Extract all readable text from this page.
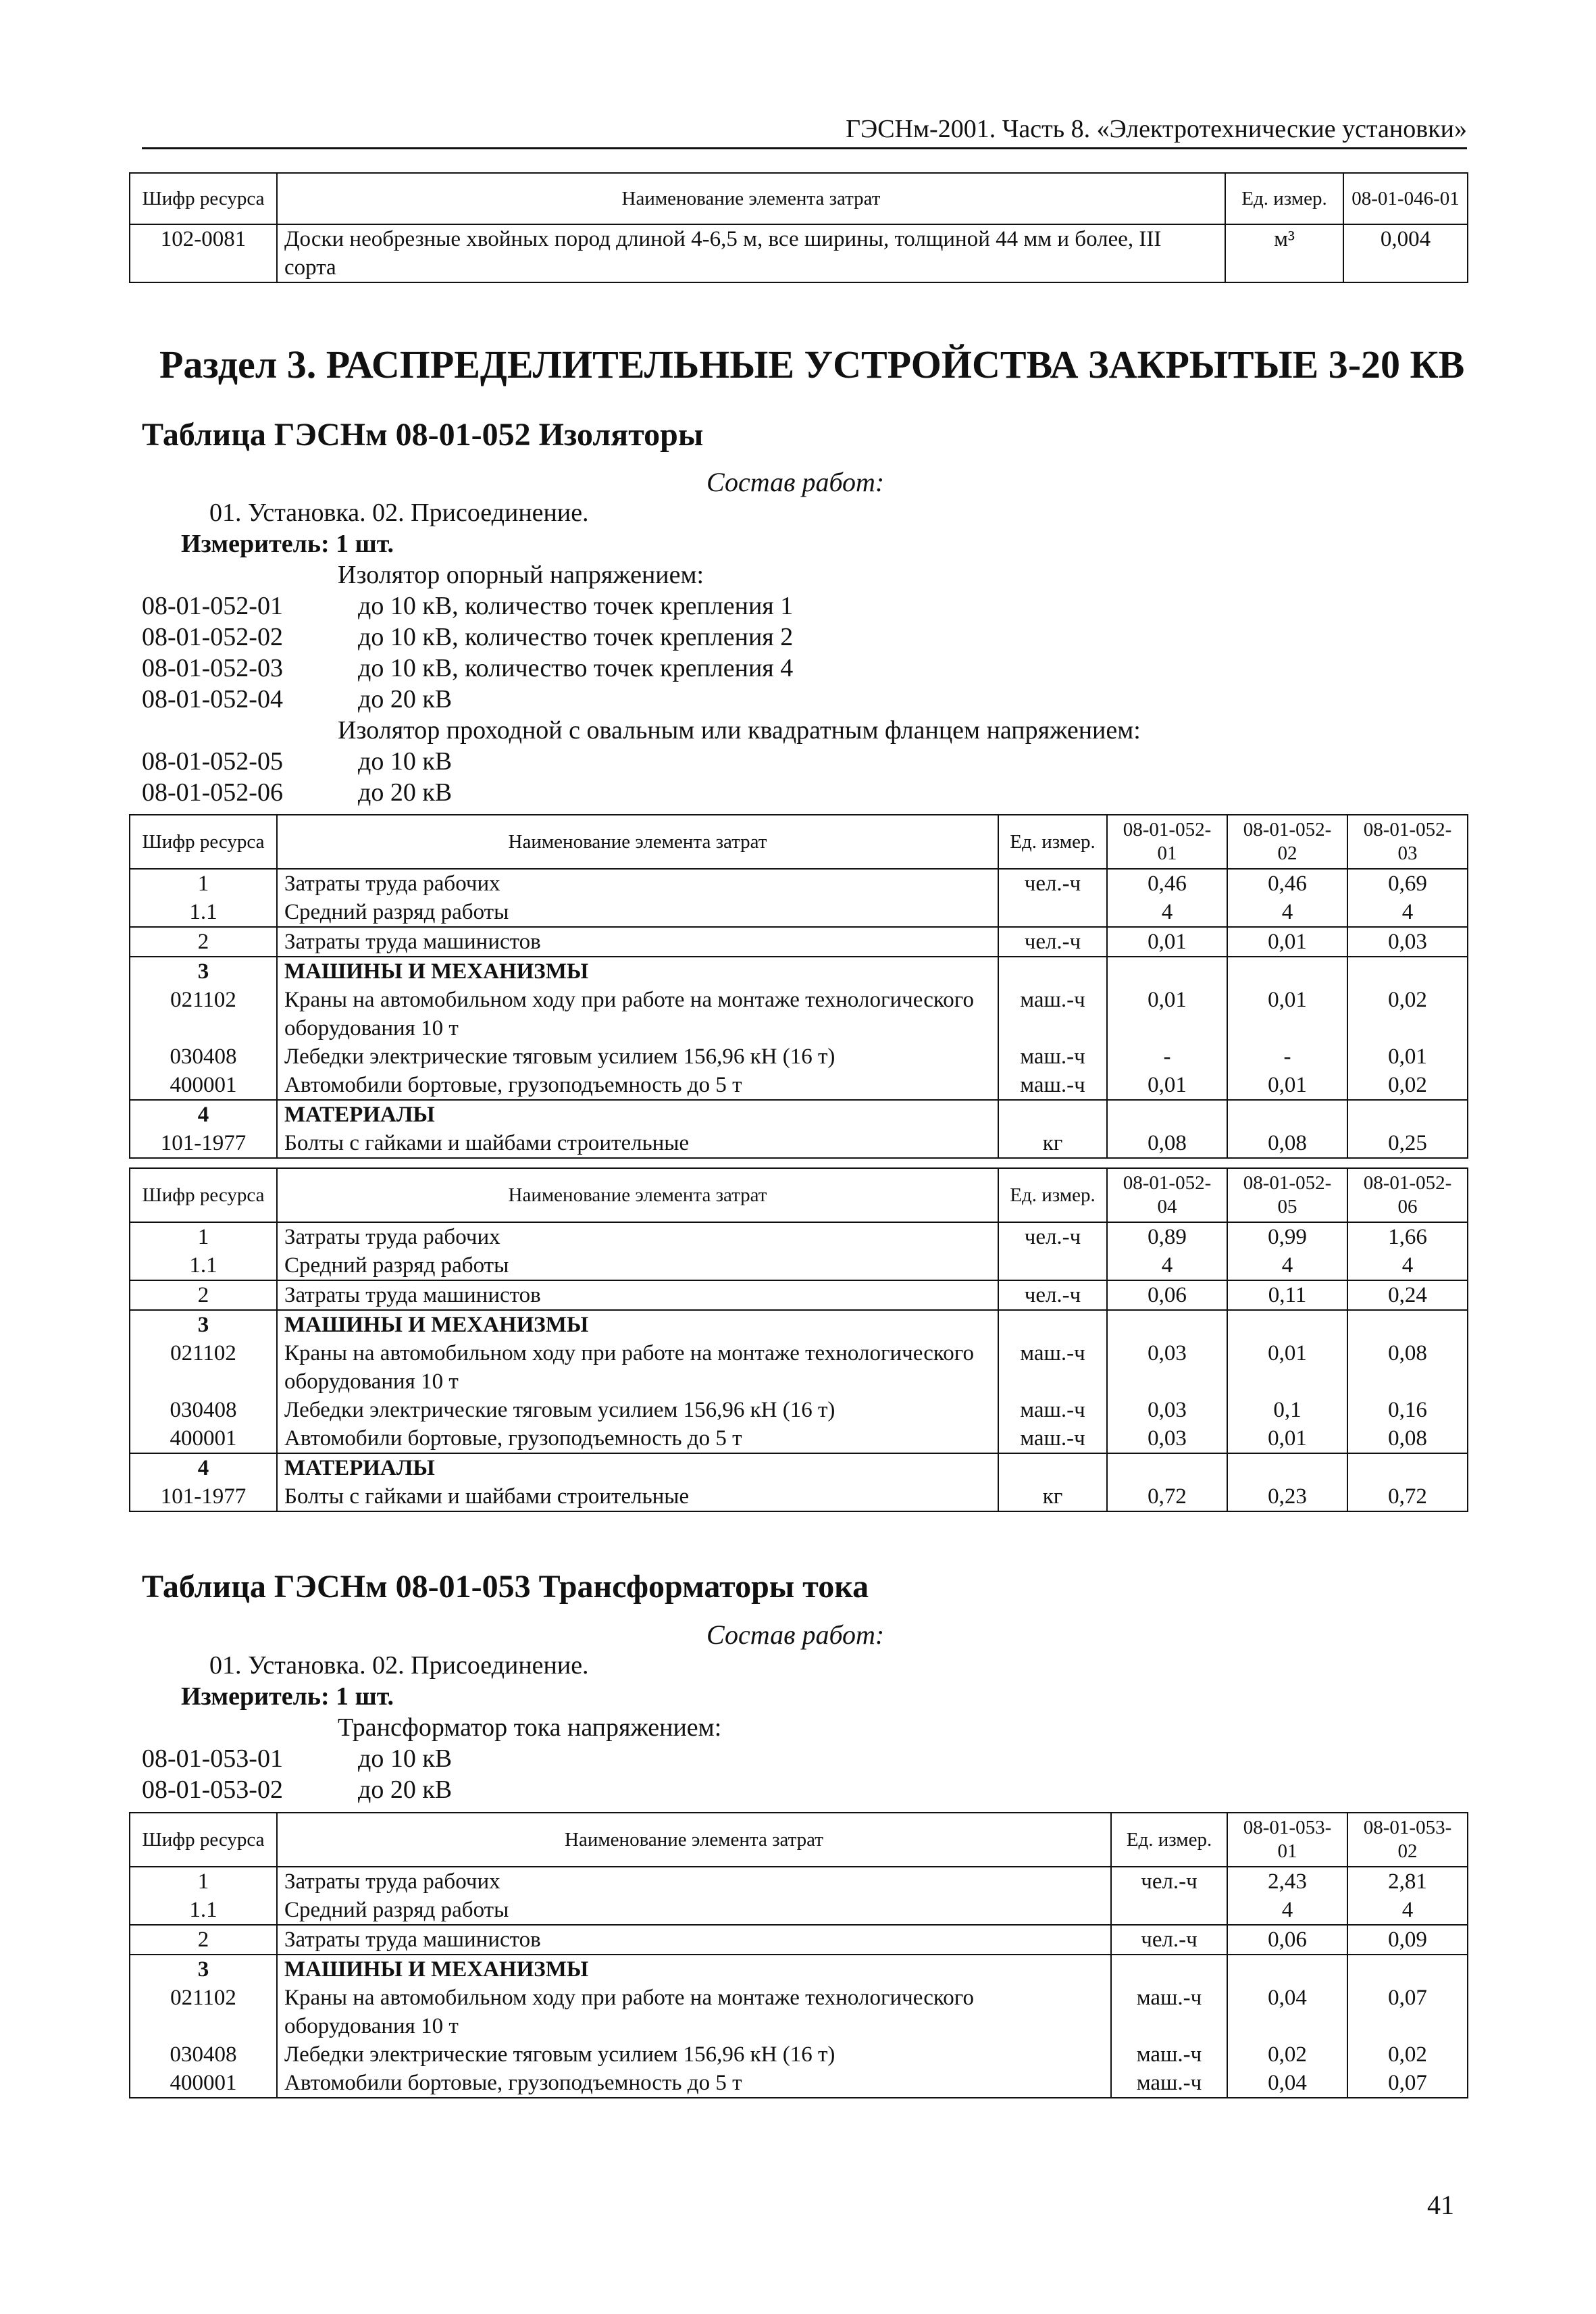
ГЭСНм-2001. Часть 8. «Электротехнические установки»
Шифр ресурса	Наименование элемента затрат	Ед. измер.	08-01-046-01
102-0081	Доски необрезные хвойных пород длиной 4-6,5 м, все ширины, толщиной 44 мм и более, III сорта	м³	0,004
Раздел 3. РАСПРЕДЕЛИТЕЛЬНЫЕ УСТРОЙСТВА ЗАКРЫТЫЕ 3-20 КВ
Таблица ГЭСНм 08-01-052 Изоляторы
Состав работ:
01. Установка. 02. Присоединение.
Измеритель: 1 шт.
Изолятор опорный напряжением:
08-01-052-01	до 10 кВ, количество точек крепления 1
08-01-052-02	до 10 кВ, количество точек крепления 2
08-01-052-03	до 10 кВ, количество точек крепления 4
08-01-052-04	до 20 кВ
Изолятор проходной с овальным или квадратным фланцем напряжением:
08-01-052-05	до 10 кВ
08-01-052-06	до 20 кВ
Шифр ресурса	Наименование элемента затрат	Ед. измер.	08-01-052-01	08-01-052-02	08-01-052-03
1	Затраты труда рабочих	чел.-ч	0,46	0,46	0,69
1.1	Средний разряд работы		4	4	4
2	Затраты труда машинистов	чел.-ч	0,01	0,01	0,03
3	МАШИНЫ И МЕХАНИЗМЫ				
021102	Краны на автомобильном ходу при работе на монтаже технологического оборудования 10 т	маш.-ч	0,01	0,01	0,02
030408	Лебедки электрические тяговым усилием 156,96 кН (16 т)	маш.-ч	-	-	0,01
400001	Автомобили бортовые, грузоподъемность до 5 т	маш.-ч	0,01	0,01	0,02
4	МАТЕРИАЛЫ				
101-1977	Болты с гайками и шайбами строительные	кг	0,08	0,08	0,25
Шифр ресурса	Наименование элемента затрат	Ед. измер.	08-01-052-04	08-01-052-05	08-01-052-06
1	Затраты труда рабочих	чел.-ч	0,89	0,99	1,66
1.1	Средний разряд работы		4	4	4
2	Затраты труда машинистов	чел.-ч	0,06	0,11	0,24
3	МАШИНЫ И МЕХАНИЗМЫ				
021102	Краны на автомобильном ходу при работе на монтаже технологического оборудования 10 т	маш.-ч	0,03	0,01	0,08
030408	Лебедки электрические тяговым усилием 156,96 кН (16 т)	маш.-ч	0,03	0,1	0,16
400001	Автомобили бортовые, грузоподъемность до 5 т	маш.-ч	0,03	0,01	0,08
4	МАТЕРИАЛЫ				
101-1977	Болты с гайками и шайбами строительные	кг	0,72	0,23	0,72
Таблица ГЭСНм 08-01-053 Трансформаторы тока
Состав работ:
01. Установка. 02. Присоединение.
Измеритель: 1 шт.
Трансформатор тока напряжением:
08-01-053-01	до 10 кВ
08-01-053-02	до 20 кВ
Шифр ресурса	Наименование элемента затрат	Ед. измер.	08-01-053-01	08-01-053-02
1	Затраты труда рабочих	чел.-ч	2,43	2,81
1.1	Средний разряд работы		4	4
2	Затраты труда машинистов	чел.-ч	0,06	0,09
3	МАШИНЫ И МЕХАНИЗМЫ			
021102	Краны на автомобильном ходу при работе на монтаже технологического оборудования 10 т	маш.-ч	0,04	0,07
030408	Лебедки электрические тяговым усилием 156,96 кН (16 т)	маш.-ч	0,02	0,02
400001	Автомобили бортовые, грузоподъемность до 5 т	маш.-ч	0,04	0,07
41
